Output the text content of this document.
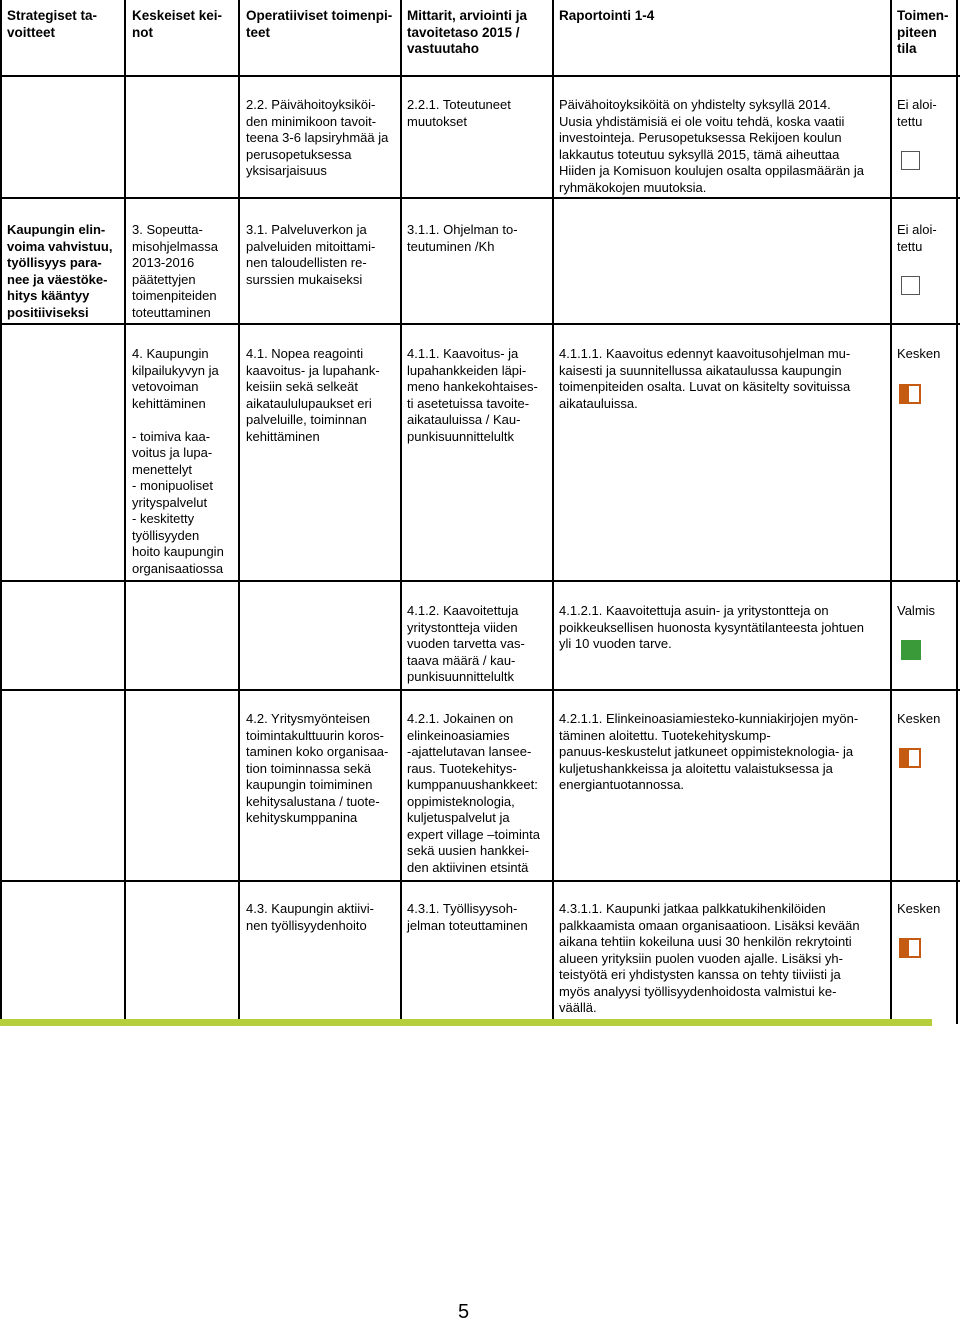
Strategiset ta-
voitteet
Keskeiset kei-
not
Operatiiviset toimenpi-
teet
Mittarit, arviointi ja
tavoitetaso 2015 /
vastuutaho
Raportointi 1-4	Toimen-
piteen
tila
2.2. Päivähoitoyksiköi-
den minimikoon tavoit-
teena 3-6 lapsiryhmää ja
perusopetuksessa
yksisarjaisuus
2.2.1. Toteutuneet
muutokset
Päivähoitoyksiköitä on yhdistelty syksyllä 2014.
Uusia yhdistämisiä ei ole voitu tehdä, koska vaatii
investointeja. Perusopetuksessa Rekijoen koulun
lakkautus toteutuu syksyllä 2015, tämä aiheuttaa
Hiiden ja Komisuon koulujen osalta oppilasmäärän ja
ryhmäkokojen muutoksia.
Ei aloi-
tettu
Kaupungin elin-
voima vahvistuu,
työllisyys para-
nee ja väestöke-
hitys kääntyy
positiiviseksi
3. Sopeutta-
misohjelmassa
2013-2016
päätettyjen
toimenpiteiden
toteuttaminen
3.1. Palveluverkon ja
palveluiden mitoittami-
nen taloudellisten re-
surssien mukaiseksi
3.1.1. Ohjelman to-
teutuminen /Kh
Ei aloi-
tettu
4. Kaupungin
kilpailukyvyn ja
vetovoiman
kehittäminen

- toimiva kaa-
voitus ja lupa-
menettelyt
- monipuoliset
yrityspalvelut
- keskitetty
työllisyyden
hoito kaupungin
organisaatiossa
4.1. Nopea reagointi
kaavoitus- ja lupahank-
keisiin sekä selkeät
aikataululupaukset eri
palveluille, toiminnan
kehittäminen
4.1.1. Kaavoitus- ja
lupahankkeiden läpi-
meno hankekohtaises-
ti asetetuissa tavoite-
aikatauluissa / Kau-
punkisuunnittelultk
4.1.1.1. Kaavoitus edennyt kaavoitusohjelman mu-
kaisesti ja suunnitellussa aikataulussa kaupungin
toimenpiteiden osalta. Luvat on käsitelty sovituissa
aikatauluissa.
Kesken
4.1.2. Kaavoitettuja
yritystontteja viiden
vuoden tarvetta vas-
taava määrä / kau-
punkisuunnittelultk
4.1.2.1. Kaavoitettuja asuin- ja yritystontteja on
poikkeuksellisen huonosta kysyntätilanteesta johtuen
yli 10 vuoden tarve.
Valmis
4.2. Yritysmyönteisen
toimintakulttuurin koros-
taminen koko organisaa-
tion toiminnassa sekä
kaupungin toimiminen
kehitysalustana / tuote-
kehityskumppanina
4.2.1. Jokainen on
elinkeinoasiamies
-ajattelutavan lansee-
raus. Tuotekehitys-
kumppanuushankkeet:
oppimisteknologia,
kuljetuspalvelut ja
expert village –toiminta
sekä uusien hankkei-
den aktiivinen etsintä
4.2.1.1. Elinkeinoasiamiesteko-kunniakirjojen myön-
täminen aloitettu. Tuotekehityskump-
panuus-keskustelut jatkuneet oppimisteknologia- ja
kuljetushankkeissa ja aloitettu valaistuksessa ja
energiantuotannossa.
Kesken
4.3. Kaupungin aktiivi-
nen työllisyydenhoito
4.3.1. Työllisyysoh-
jelman toteuttaminen
4.3.1.1. Kaupunki jatkaa palkkatukihenkilöiden
palkkaamista omaan organisaatioon. Lisäksi kevään
aikana tehtiin kokeiluna uusi 30 henkilön rekrytointi
alueen yrityksiin puolen vuoden ajalle. Lisäksi yh-
teistyötä eri yhdistysten kanssa on tehty tiiviisti ja
myös analyysi työllisyydenhoidosta valmistui ke-
väällä.
Kesken
5
